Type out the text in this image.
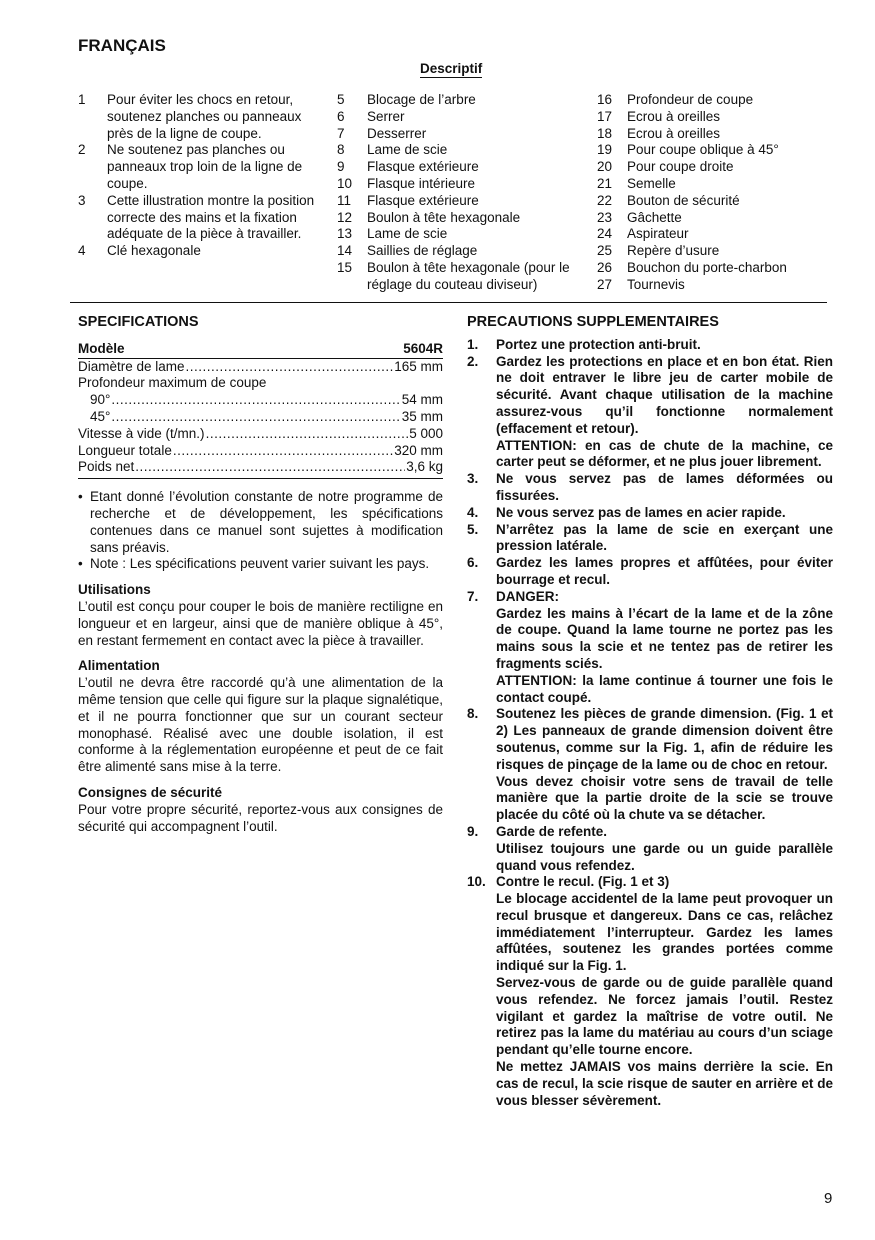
FRANÇAIS
Descriptif
1	Pour éviter les chocs en retour, soutenez planches ou panneaux près de la ligne de coupe.
2	Ne soutenez pas planches ou panneaux trop loin de la ligne de coupe.
3	Cette illustration montre la position correcte des mains et la fixation adéquate de la pièce à travailler.
4	Clé hexagonale
5	Blocage de l’arbre
6	Serrer
7	Desserrer
8	Lame de scie
9	Flasque extérieure
10	Flasque intérieure
11	Flasque extérieure
12	Boulon à tête hexagonale
13	Lame de scie
14	Saillies de réglage
15	Boulon à tête hexagonale (pour le réglage du couteau diviseur)
16	Profondeur de coupe
17	Ecrou à oreilles
18	Ecrou à oreilles
19	Pour coupe oblique à 45°
20	Pour coupe droite
21	Semelle
22	Bouton de sécurité
23	Gâchette
24	Aspirateur
25	Repère d’usure
26	Bouchon du porte-charbon
27	Tournevis
SPECIFICATIONS
Modèle	5604R
Diamètre de lame .....	165 mm
Profondeur maximum de coupe
90° .....	54 mm
45° .....	35 mm
Vitesse à vide (t/mn.) .....	5 000
Longueur totale .....	320 mm
Poids net .....	3,6 kg
• Etant donné l’évolution constante de notre programme de recherche et de développement, les spécifications contenues dans ce manuel sont sujettes à modification sans préavis.
• Note : Les spécifications peuvent varier suivant les pays.
Utilisations
L’outil est conçu pour couper le bois de manière rectiligne en longueur et en largeur, ainsi que de manière oblique à 45°, en restant fermement en contact avec la pièce à travailler.
Alimentation
L’outil ne devra être raccordé qu’à une alimentation de la même tension que celle qui figure sur la plaque signalétique, et il ne pourra fonctionner que sur un courant secteur monophasé. Réalisé avec une double isolation, il est conforme à la réglementation européenne et peut de ce fait être alimenté sans mise à la terre.
Consignes de sécurité
Pour votre propre sécurité, reportez-vous aux consignes de sécurité qui accompagnent l’outil.
PRECAUTIONS SUPPLEMENTAIRES
1.	Portez une protection anti-bruit.

2.	Gardez les protections en place et en bon état. Rien ne doit entraver le libre jeu de carter mobile de sécurité. Avant chaque utilisation de la machine assurez-vous qu’il fonctionne normalement (effacement et retour).

ATTENTION: en cas de chute de la machine, ce carter peut se déformer, et ne plus jouer librement.

3.	Ne vous servez pas de lames déformées ou fissurées.

4.	Ne vous servez pas de lames en acier rapide.

5.	N’arrêtez pas la lame de scie en exerçant une pression latérale.

6.	Gardez les lames propres et affûtées, pour éviter bourrage et recul.

7.	DANGER:

Gardez les mains à l’écart de la lame et de la zône de coupe. Quand la lame tourne ne portez pas les mains sous la scie et ne tentez pas de retirer les fragments sciés.

ATTENTION: la lame continue á tourner une fois le contact coupé.

8.	Soutenez les pièces de grande dimension. (Fig. 1 et 2) Les panneaux de grande dimension doivent être soutenus, comme sur la Fig. 1, afin de réduire les risques de pinçage de la lame ou de choc en retour.

Vous devez choisir votre sens de travail de telle manière que la partie droite de la scie se trouve placée du côté où la chute va se détacher.

9.	Garde de refente.

Utilisez toujours une garde ou un guide parallèle quand vous refendez.

10. Contre le recul. (Fig. 1 et 3)

Le blocage accidentel de la lame peut provoquer un recul brusque et dangereux. Dans ce cas, relâchez immédiatement l’interrupteur. Gardez les lames affûtées, soutenez les grandes portées comme indiqué sur la Fig. 1.

Servez-vous de garde ou de guide parallèle quand vous refendez. Ne forcez jamais l’outil. Restez vigilant et gardez la maîtrise de votre outil. Ne retirez pas la lame du matériau au cours d’un sciage pendant qu’elle tourne encore.

Ne mettez JAMAIS vos mains derrière la scie. En cas de recul, la scie risque de sauter en arrière et de vous blesser sévèrement.

9
